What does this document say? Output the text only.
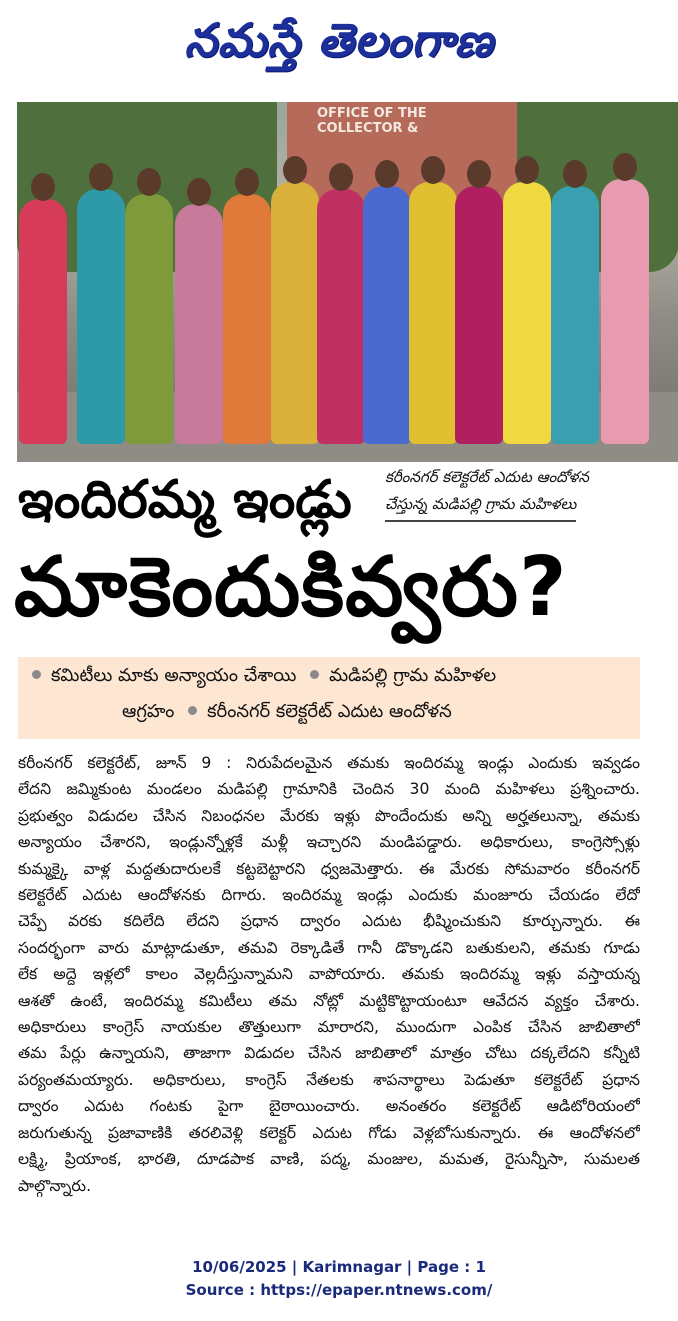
నమస్తే తెలంగాణ
OFFICE OF THE
COLLECTOR &
కరీంనగర్ కలెక్టరేట్ ఎదుట ఆందోళన
చేస్తున్న మడిపల్లి గ్రామ మహిళలు
ఇందిరమ్మ ఇండ్లు
మాకెందుకివ్వరు?
కమిటీలు మాకు అన్యాయం చేశాయి మడిపల్లి గ్రామ మహిళల
ఆగ్రహం కరీంనగర్ కలెక్టరేట్ ఎదుట ఆందోళన
కరీంనగర్ కలెక్టరేట్, జూన్ 9 : నిరుపేదలమైన తమకు ఇందిరమ్మ ఇండ్లు ఎందుకు ఇవ్వడం
లేదని జమ్మికుంట మండలం మడిపల్లి గ్రామానికి చెందిన 30 మంది మహిళలు ప్రశ్నించారు.
ప్రభుత్వం విడుదల చేసిన నిబంధనల మేరకు ఇళ్లు పొందేందుకు అన్ని అర్హతలున్నా, తమకు
అన్యాయం చేశారని, ఇండ్లున్నోళ్లకే మళ్లీ ఇచ్చారని మండిపడ్డారు. అధికారులు, కాంగ్రెస్సోళ్లు
కుమ్మక్కై వాళ్ల మద్దతుదారులకే కట్టబెట్టారని ధ్వజమెత్తారు. ఈ మేరకు సోమవారం కరీంనగర్
కలెక్టరేట్ ఎదుట ఆందోళనకు దిగారు. ఇందిరమ్మ ఇండ్లు ఎందుకు మంజూరు చేయడం లేదో
చెప్పే వరకు కదిలేది లేదని ప్రధాన ద్వారం ఎదుట భీష్మించుకుని కూర్చున్నారు. ఈ
సందర్భంగా వారు మాట్లాడుతూ, తమవి రెక్కాడితే గానీ డొక్కాడని బతుకులని, తమకు గూడు
లేక అద్దె ఇళ్లలో కాలం వెల్లదీస్తున్నామని వాపోయారు. తమకు ఇందిరమ్మ ఇళ్లు వస్తాయన్న
ఆశతో ఉంటే, ఇందిరమ్మ కమిటీలు తమ నోట్లో మట్టికొట్టాయంటూ ఆవేదన వ్యక్తం చేశారు.
అధికారులు కాంగ్రెస్ నాయకుల తొత్తులుగా మారారని, ముందుగా ఎంపిక చేసిన జాబితాలో
తమ పేర్లు ఉన్నాయని, తాజాగా విడుదల చేసిన జాబితాలో మాత్రం చోటు దక్కలేదని కన్నీటి
పర్యంతమయ్యారు. అధికారులు, కాంగ్రెస్ నేతలకు శాపనార్థాలు పెడుతూ కలెక్టరేట్ ప్రధాన
ద్వారం ఎదుట గంటకు పైగా బైఠాయించారు. అనంతరం కలెక్టరేట్ ఆడిటోరియంలో
జరుగుతున్న ప్రజావాణికి తరలివెళ్లి కలెక్టర్ ఎదుట గోడు వెళ్లబోసుకున్నారు. ఈ ఆందోళనలో
లక్ష్మి, ప్రియాంక, భారతి, దూడపాక వాణి, పద్మ, మంజుల, మమత, రైసున్నీసా, సుమలత
పాల్గొన్నారు.
10/06/2025 | Karimnagar | Page : 1
Source : https://epaper.ntnews.com/
